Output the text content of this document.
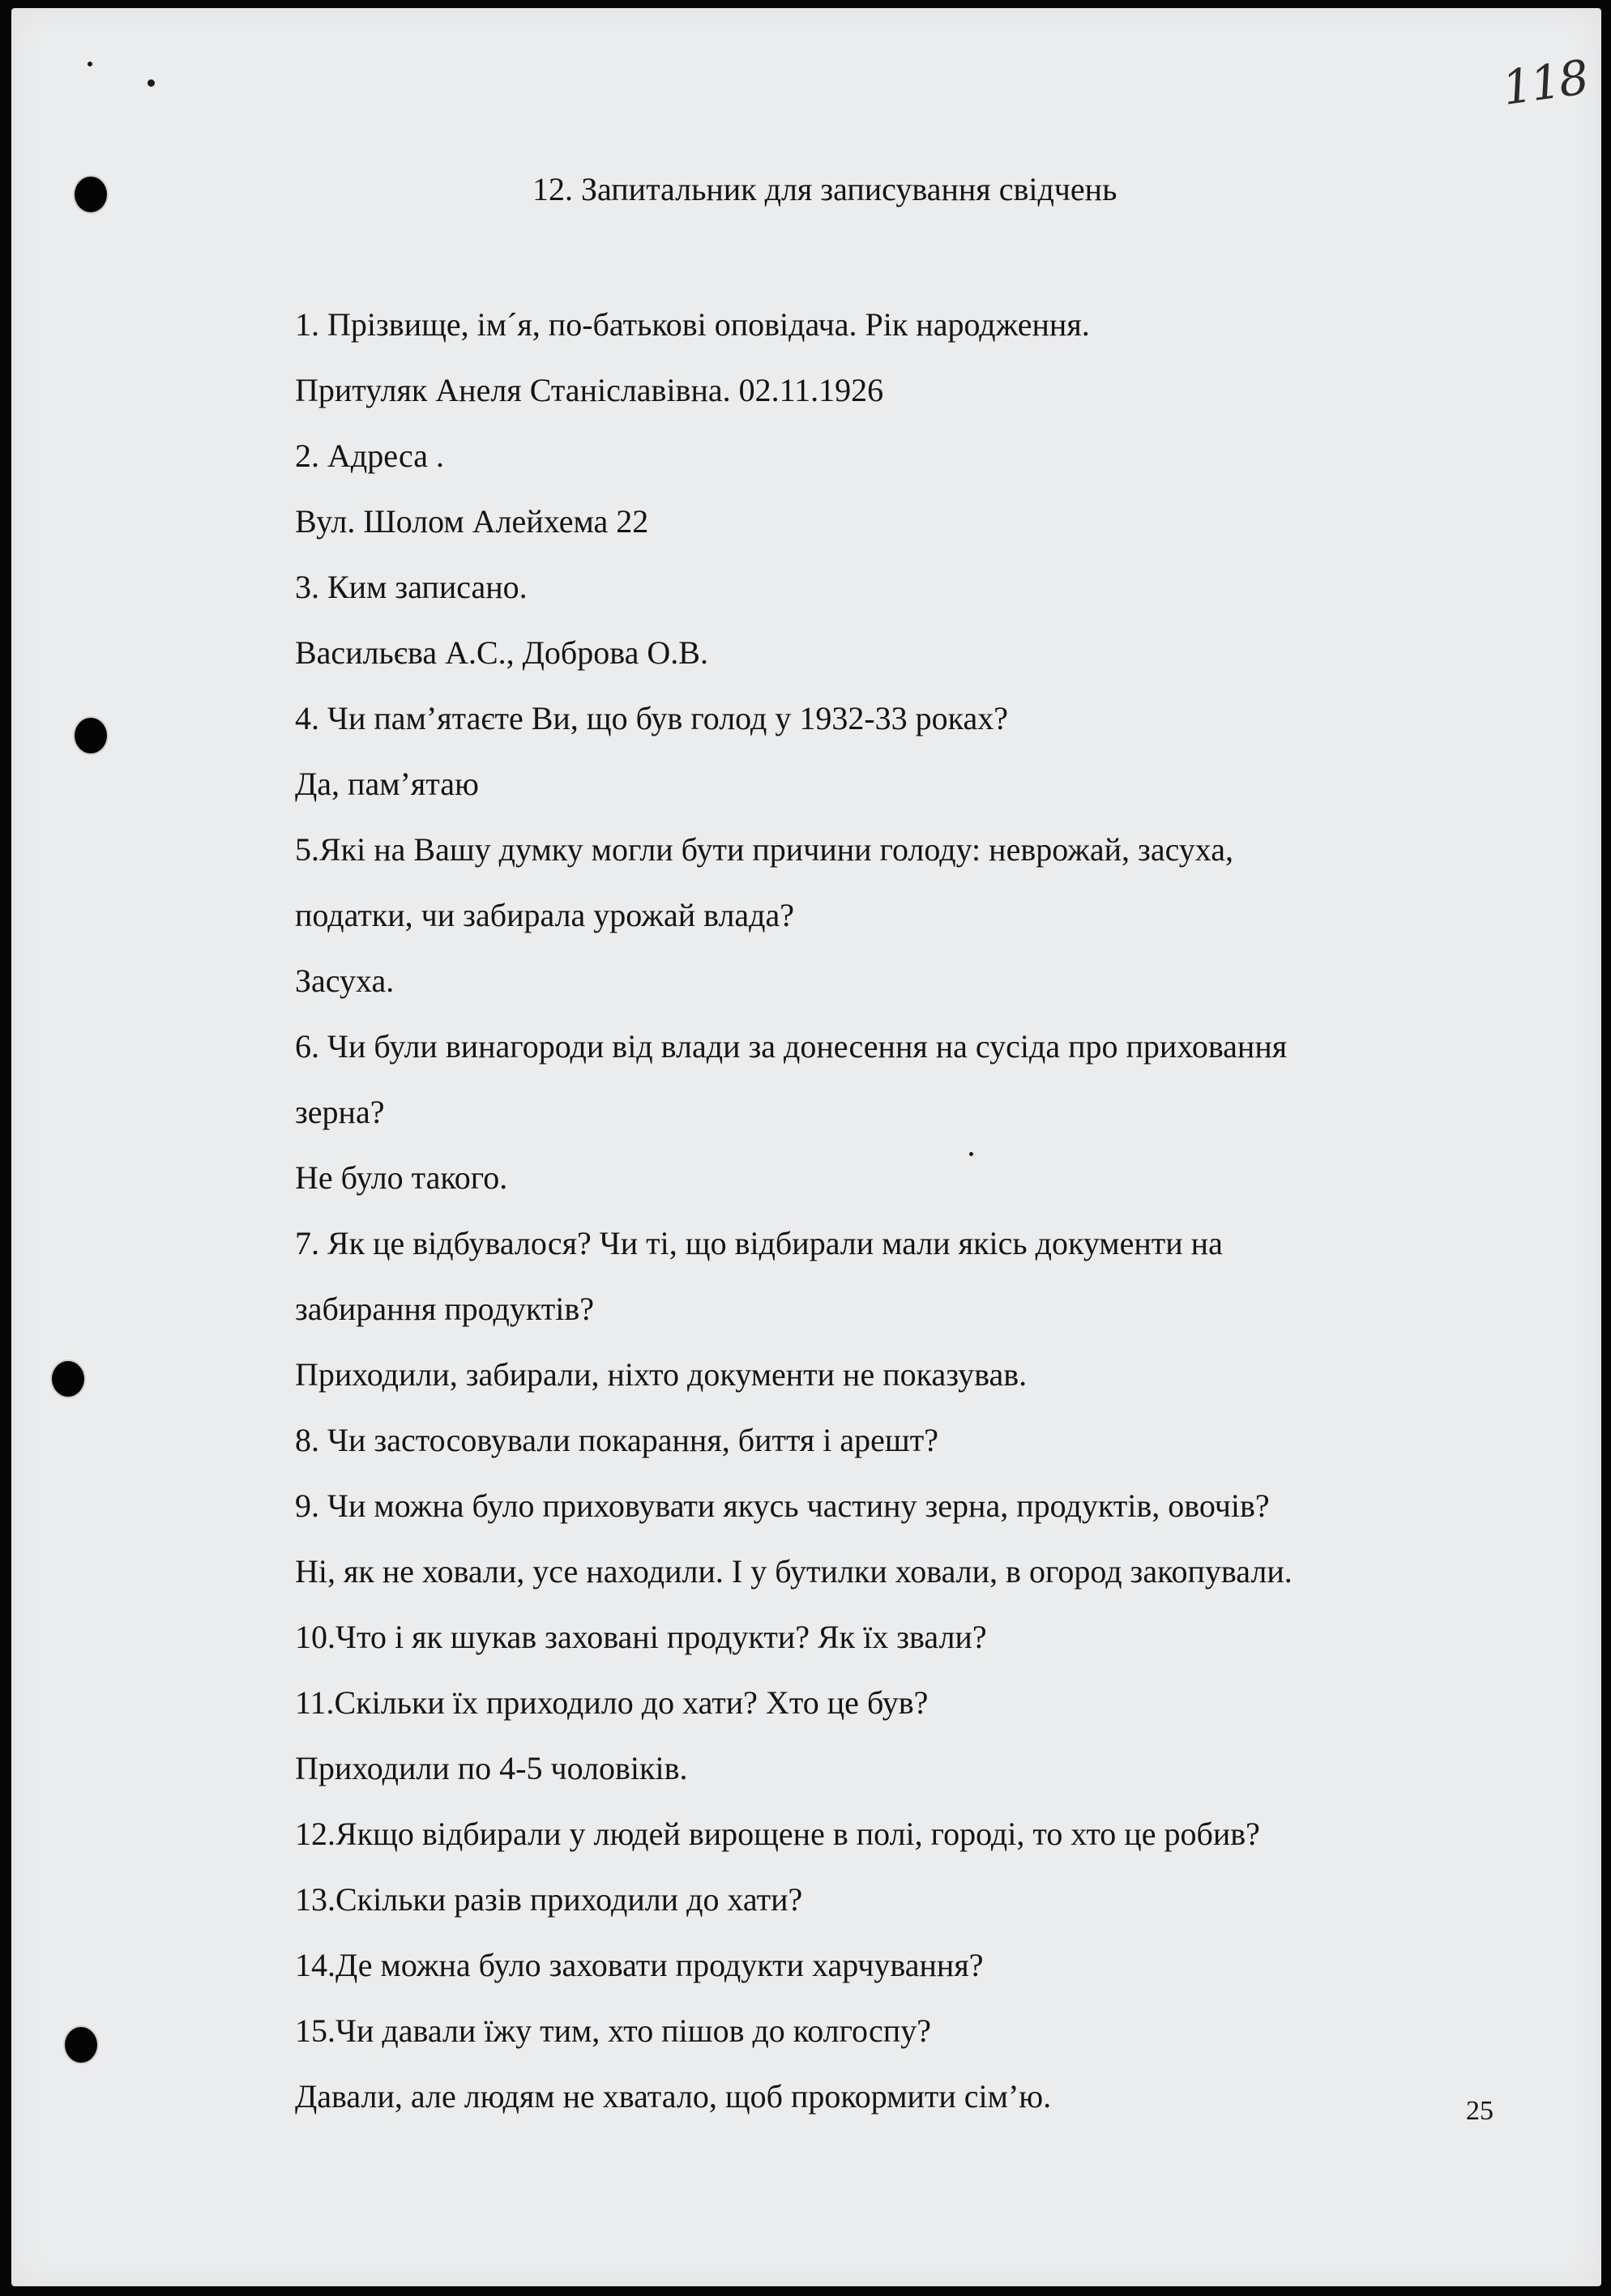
118
12. Запитальник для записування свідчень
1. Прізвище, ім´я, по-батькові оповідача. Рік народження.
Притуляк Анеля Станіславівна. 02.11.1926
2. Адреса .
Вул. Шолом Алейхема 22
3. Ким записано.
Васильєва А.С., Доброва О.В.
4. Чи пам’ятаєте Ви, що був голод у 1932-33 роках?
Да, пам’ятаю
5.Які на Вашу думку могли бути причини голоду: неврожай, засуха,
податки, чи забирала урожай влада?
Засуха.
6. Чи були винагороди від влади за донесення на сусіда про приховання
зерна?
Не було такого.
7. Як це відбувалося? Чи ті, що відбирали мали якісь документи на
забирання продуктів?
Приходили, забирали, ніхто документи не показував.
8. Чи застосовували покарання, биття і арешт?
9. Чи можна було приховувати якусь частину зерна, продуктів, овочів?
Ні, як не ховали, усе находили. І у бутилки ховали, в огород закопували.
10.Что і як шукав заховані продукти? Як їх звали?
11.Скільки їх приходило до хати? Хто це був?
Приходили по 4-5 чоловіків.
12.Якщо відбирали у людей вирощене в полі, городі, то хто це робив?
13.Скільки разів приходили до хати?
14.Де можна було заховати продукти харчування?
15.Чи давали їжу тим, хто пішов до колгоспу?
Давали, але людям не хватало, щоб прокормити сім’ю.	25
